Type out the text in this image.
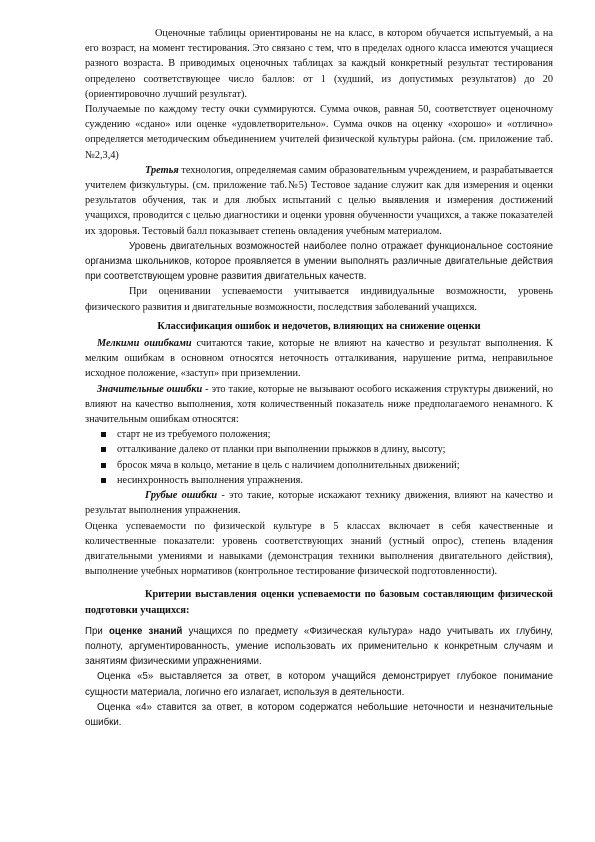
Оценочные таблицы ориентированы не на класс, в котором обучается испытуемый, а на его возраст, на момент тестирования. Это связано с тем, что в пределах одного класса имеются учащиеся разного возраста. В приводимых оценочных таблицах за каждый конкретный результат тестирования определено соответствующее число баллов: от 1 (худший, из допустимых результатов) до 20 (ориентировочно лучший результат).

Получаемые по каждому тесту очки суммируются. Сумма очков, равная 50, соответствует оценочному суждению «сдано» или оценке «удовлетворительно». Сумма очков на оценку «хорошо» и «отлично» определяется методическим объединением учителей физической культуры района. (см. приложение таб.№2,3,4)

Третья технология, определяемая самим образовательным учреждением, и разрабатывается учителем физкультуры. (см. приложение таб.№5) Тестовое задание служит как для измерения и оценки результатов обучения, так и для любых испытаний с целью выявления и измерения достижений учащихся, проводится с целью диагностики и оценки уровня обученности учащихся, а также показателей их здоровья. Тестовый балл показывает степень овладения учебным материалом.

Уровень двигательных возможностей наиболее полно отражает функциональное состояние организма школьников, которое проявляется в умении выполнять различные двигательные действия при соответствующем уровне развития двигательных качеств.

При оценивании успеваемости учитывается индивидуальные возможности, уровень физического развития и двигательные возможности, последствия заболеваний учащихся.

Классификация ошибок и недочетов, влияющих на снижение оценки

Мелкими ошибками считаются такие, которые не влияют на качество и результат выполнения. К мелким ошибкам в основном относятся неточность отталкивания, нарушение ритма, неправильное исходное положение, «заступ» при приземлении.

Значительные ошибки - это такие, которые не вызывают особого искажения структуры движений, но влияют на качество выполнения, хотя количественный показатель ниже предполагаемого ненамного. К значительным ошибкам относятся:

старт не из требуемого положения;
отталкивание далеко от планки при выполнении прыжков в длину, высоту;
бросок мяча в кольцо, метание в цель с наличием дополнительных движений;
несинхронность выполнения упражнения.

Грубые ошибки - это такие, которые искажают технику движения, влияют на качество и результат выполнения упражнения.

Оценка успеваемости по физической культуре в 5 классах включает в себя качественные и количественные показатели: уровень соответствующих знаний (устный опрос), степень владения двигательными умениями и навыками (демонстрация техники выполнения двигательного действия), выполнение учебных нормативов (контрольное тестирование физической подготовленности).

Критерии выставления оценки успеваемости по базовым составляющим физической подготовки учащихся:

При оценке знаний учащихся по предмету «Физическая культура» надо учитывать их глубину, полноту, аргументированность, умение использовать их применительно к конкретным случаям и занятиям физическими упражнениями.

Оценка «5» выставляется за ответ, в котором учащийся демонстрирует глубокое понимание сущности материала, логично его излагает, используя в деятельности.

Оценка «4» ставится за ответ, в котором содержатся небольшие неточности и незначительные ошибки.
